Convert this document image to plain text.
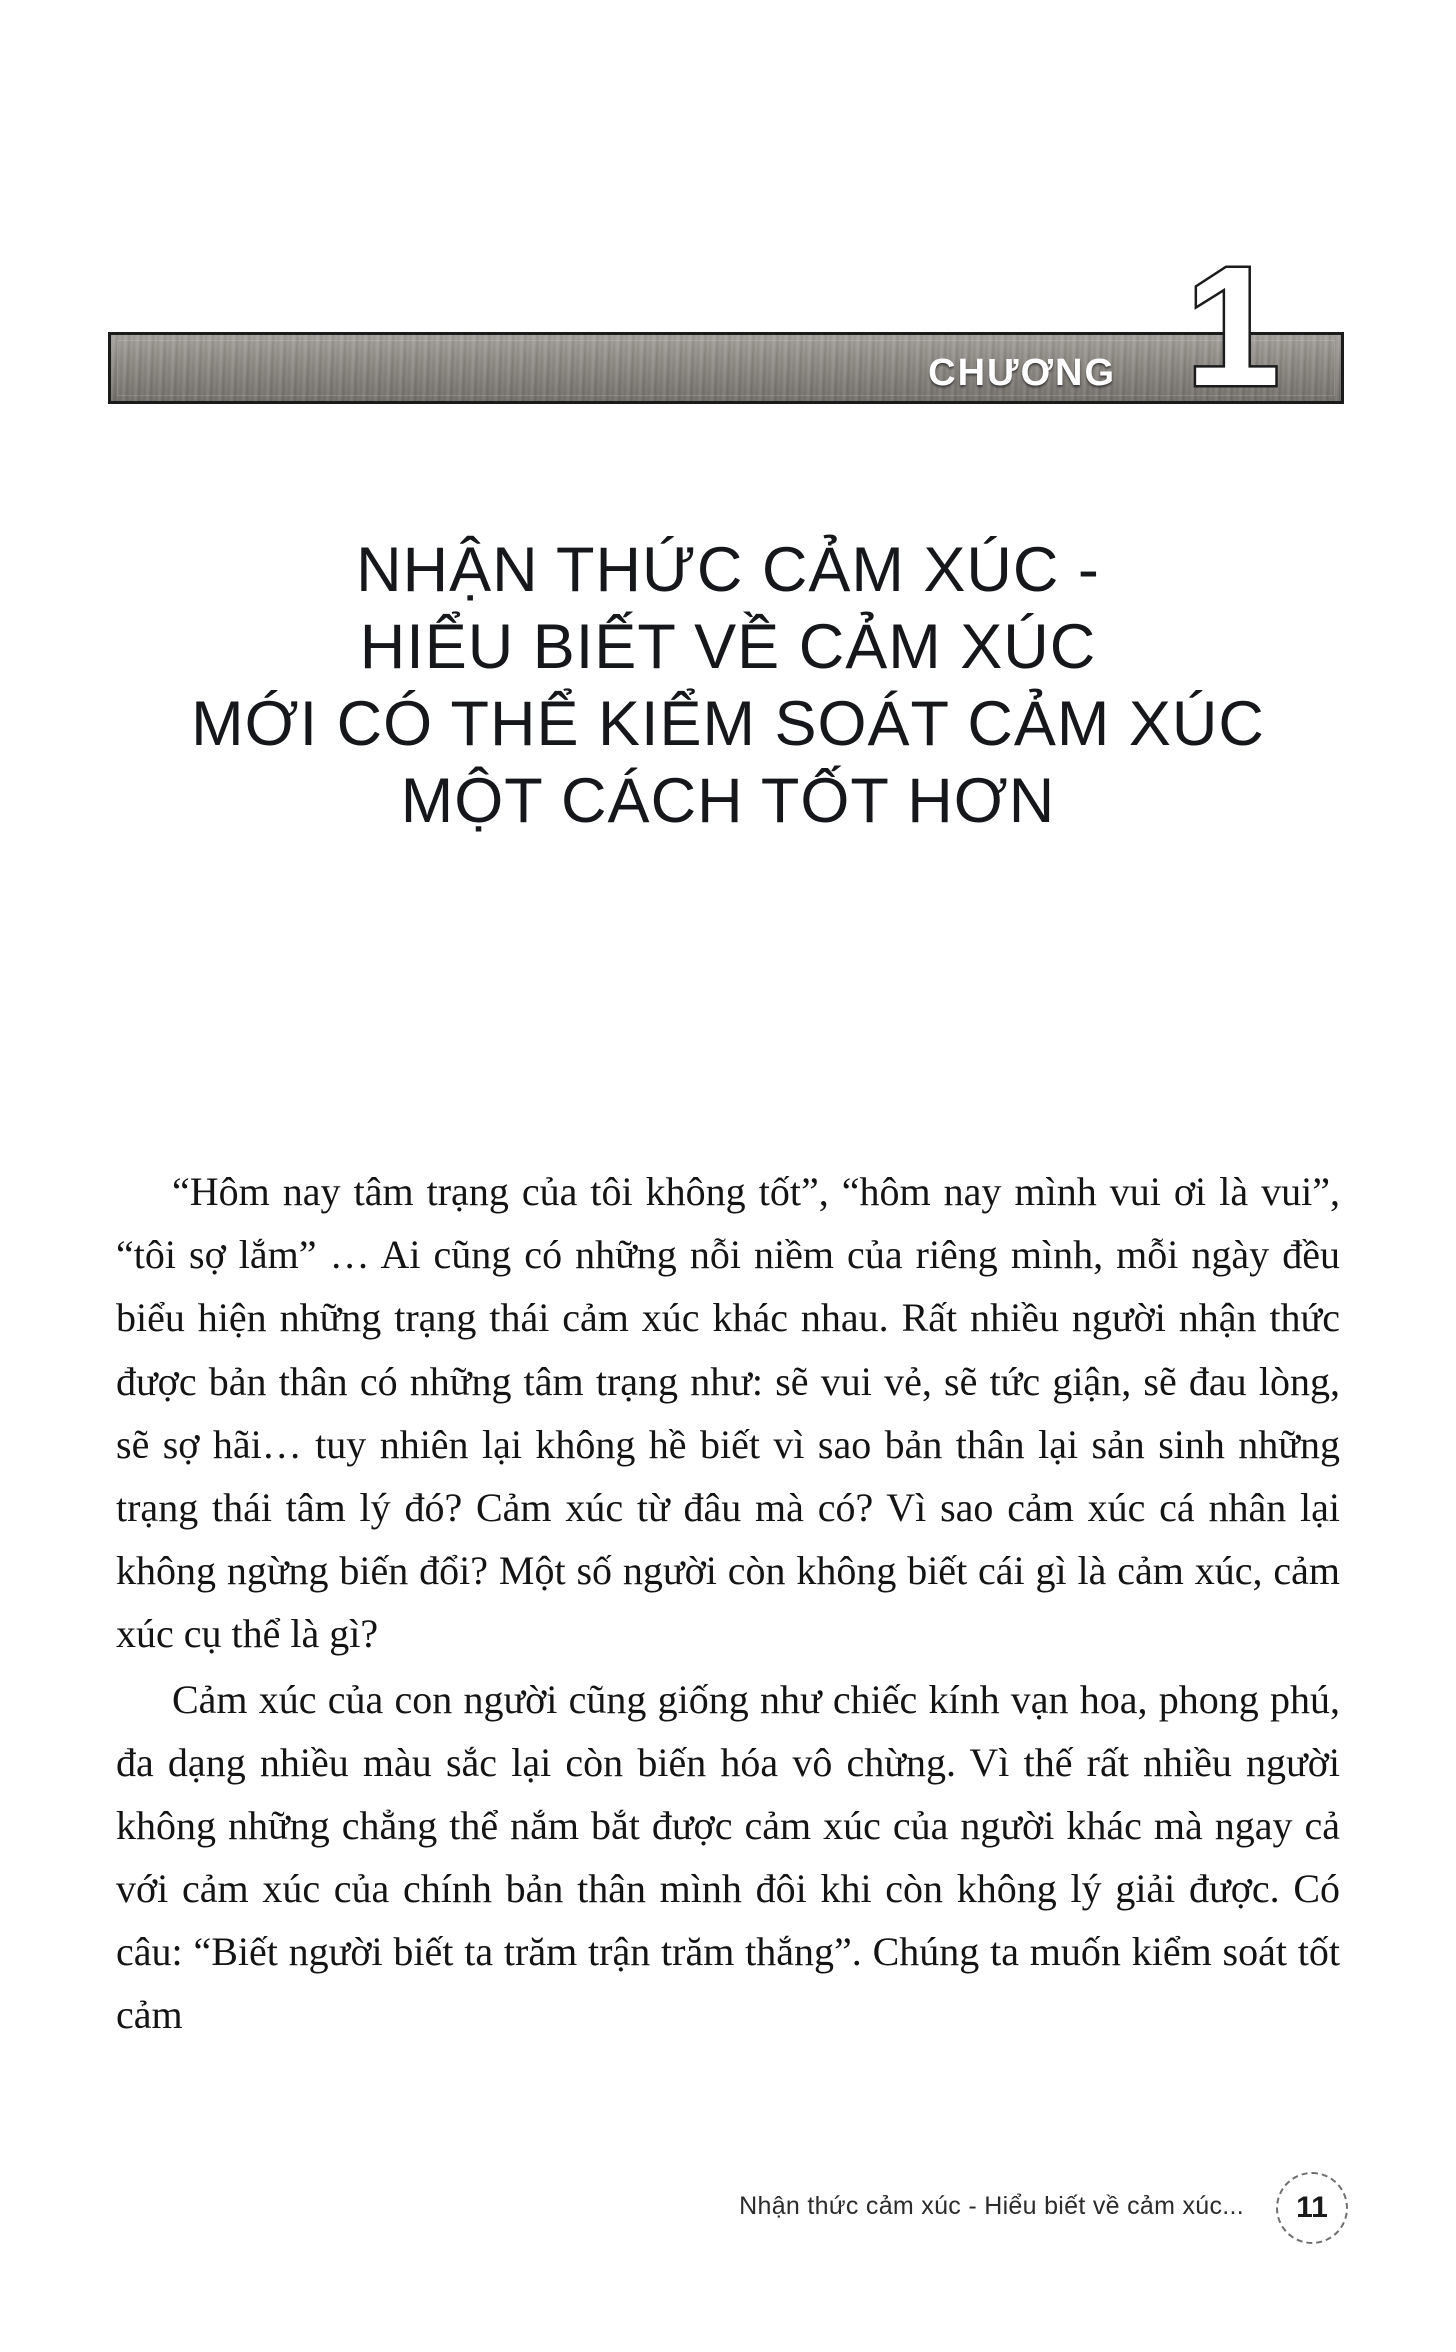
CHƯƠNG 1
NHẬN THỨC CẢM XÚC -
HIỂU BIẾT VỀ CẢM XÚC
MỚI CÓ THỂ KIỂM SOÁT CẢM XÚC
MỘT CÁCH TỐT HƠN

“Hôm nay tâm trạng của tôi không tốt”, “hôm nay mình vui ơi là vui”, “tôi sợ lắm” … Ai cũng có những nỗi niềm của riêng mình, mỗi ngày đều biểu hiện những trạng thái cảm xúc khác nhau. Rất nhiều người nhận thức được bản thân có những tâm trạng như: sẽ vui vẻ, sẽ tức giận, sẽ đau lòng, sẽ sợ hãi… tuy nhiên lại không hề biết vì sao bản thân lại sản sinh những trạng thái tâm lý đó? Cảm xúc từ đâu mà có? Vì sao cảm xúc cá nhân lại không ngừng biến đổi? Một số người còn không biết cái gì là cảm xúc, cảm xúc cụ thể là gì?

Cảm xúc của con người cũng giống như chiếc kính vạn hoa, phong phú, đa dạng nhiều màu sắc lại còn biến hóa vô chừng. Vì thế rất nhiều người không những chẳng thể nắm bắt được cảm xúc của người khác mà ngay cả với cảm xúc của chính bản thân mình đôi khi còn không lý giải được. Có câu: “Biết người biết ta trăm trận trăm thắng”. Chúng ta muốn kiểm soát tốt cảm

Nhận thức cảm xúc - Hiểu biết về cảm xúc... 11
